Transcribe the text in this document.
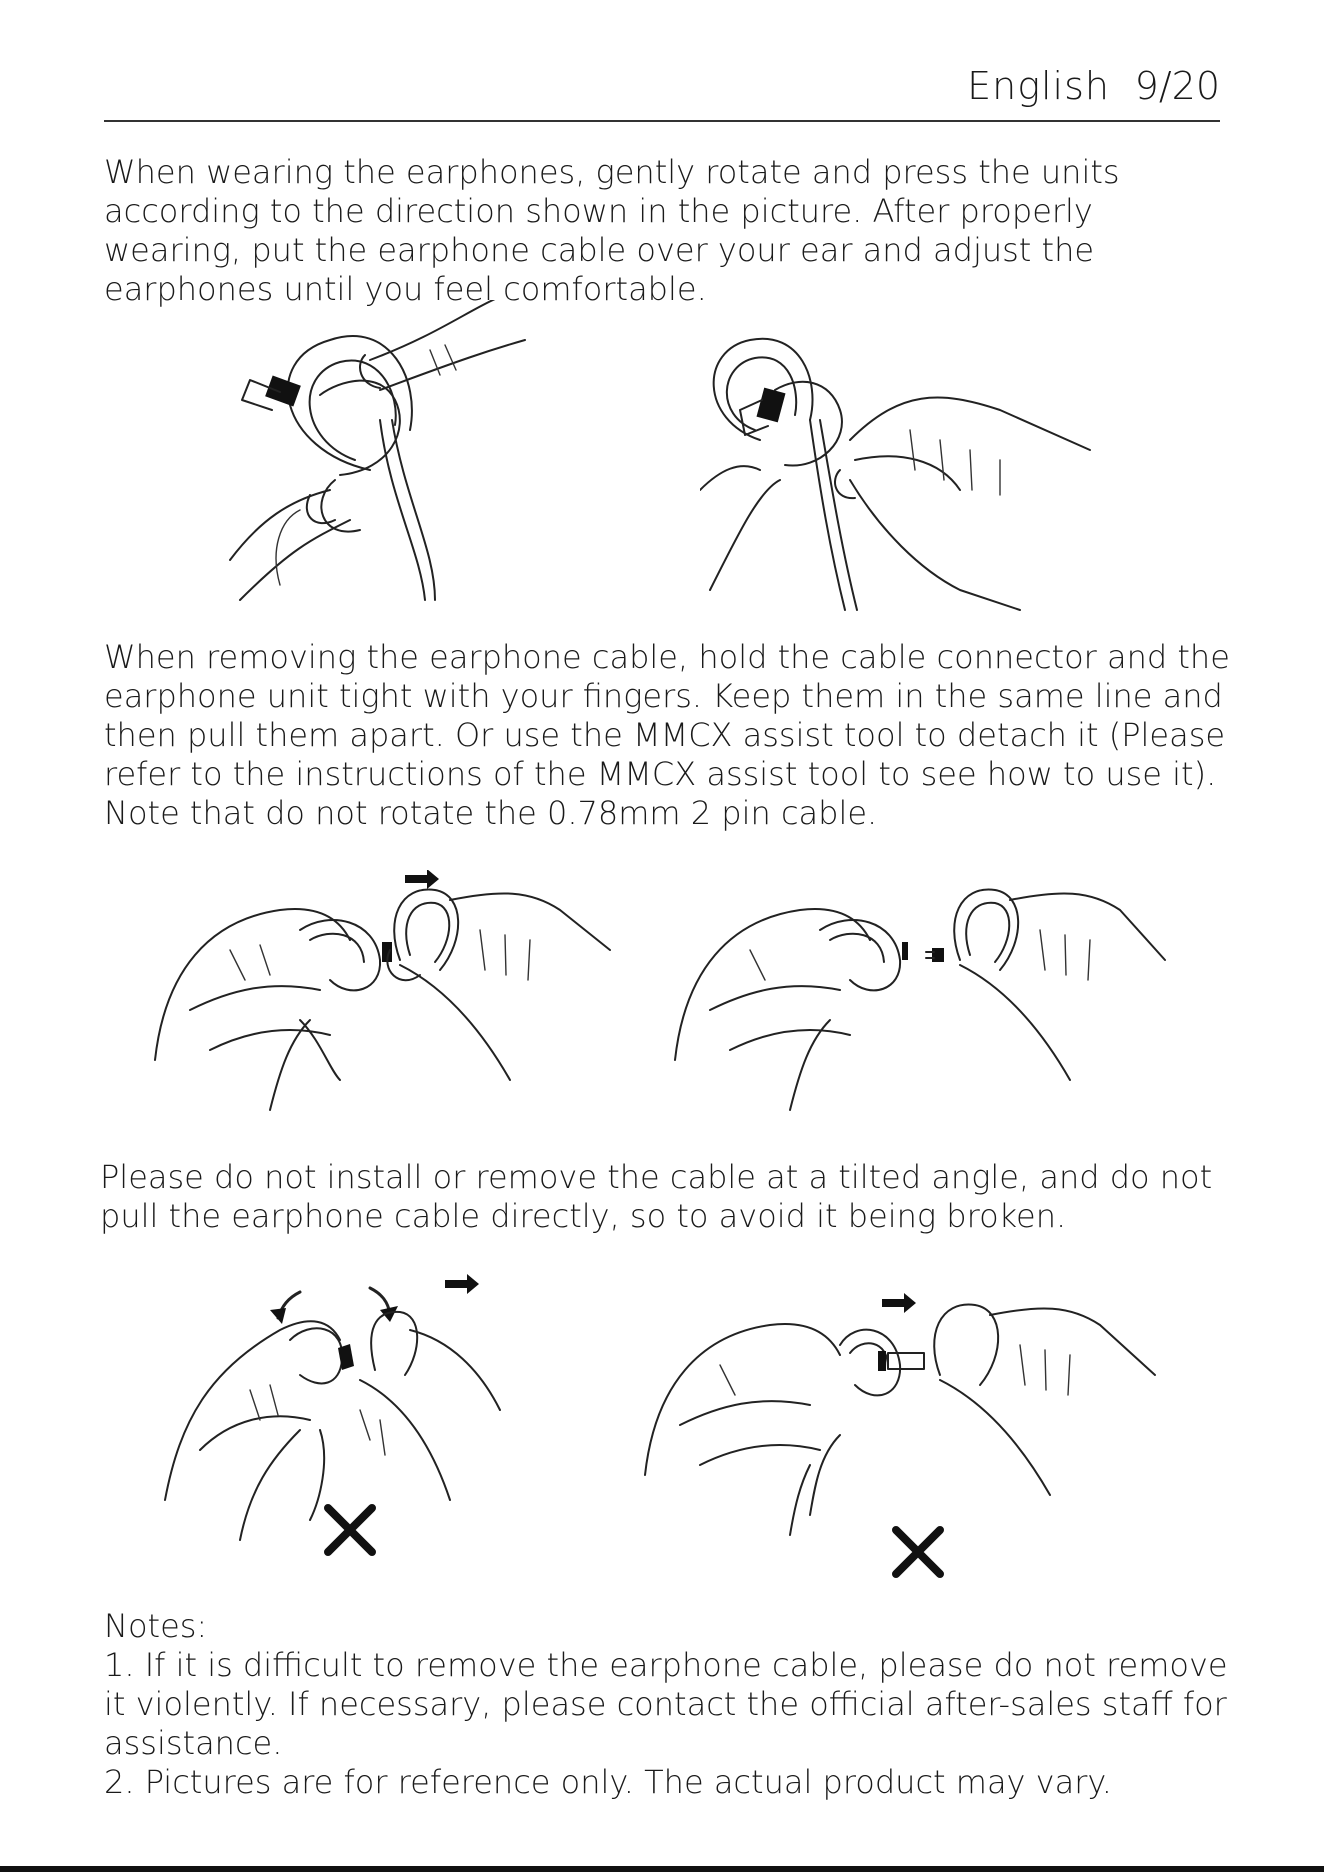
English 9/20

When wearing the earphones, gently rotate and press the units according to the direction shown in the picture. After properly wearing, put the earphone cable over your ear and adjust the earphones until you feel comfortable.

When removing the earphone cable, hold the cable connector and the earphone unit tight with your fingers. Keep them in the same line and then pull them apart. Or use the MMCX assist tool to detach it (Please refer to the instructions of the MMCX assist tool to see how to use it). Note that do not rotate the 0.78mm 2 pin cable.

Please do not install or remove the cable at a tilted angle, and do not pull the earphone cable directly, so to avoid it being broken.

Notes:
1. If it is difficult to remove the earphone cable, please do not remove it violently. If necessary, please contact the official after-sales staff for assistance.
2. Pictures are for reference only. The actual product may vary.
